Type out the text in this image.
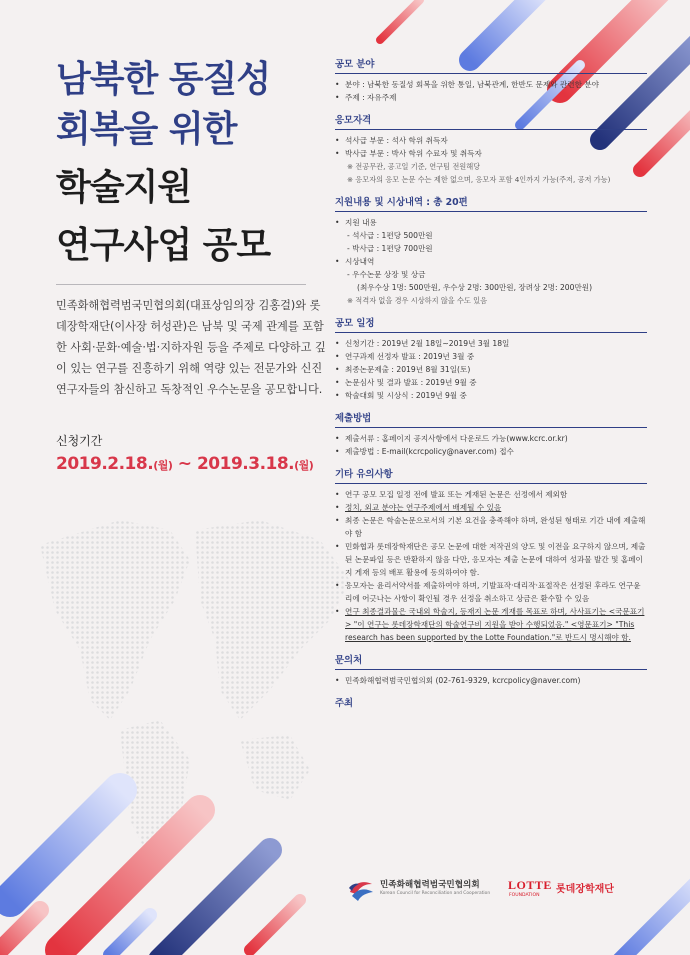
남북한 동질성
회복을 위한
학술지원
연구사업 공모
민족화해협력범국민협의회(대표상임의장 김홍걸)와 롯데장학재단(이사장 허성관)은 남북 및 국제 관계를 포함한 사회·문화·예술·법·지하자원 등을 주제로 다양하고 깊이 있는 연구를 진흥하기 위해 역량 있는 전문가와 신진연구자들의 참신하고 독창적인 우수논문을 공모합니다.
신청기간
2019.2.18.(월) ~ 2019.3.18.(월)
공모 분야
• 분야 : 남북한 동질성 회복을 위한 통일, 남북관계, 한반도 문제와 관련한 분야
• 주제 : 자유주제
응모자격
• 석사급 부문 : 석사 학위 취득자
• 박사급 부문 : 박사 학위 수료자 및 취득자
※ 전공무관, 공고일 기준, 연구팀 전원해당
※ 응모자의 응모 논문 수는 제한 없으며, 응모자 포함 4인까지 가능(주저, 공저 가능)
지원내용 및 시상내역 : 총 20편
• 지원 내용
- 석사급 : 1편당 500만원
- 박사급 : 1편당 700만원
• 시상내역
- 우수논문 상장 및 상금
(최우수상 1명: 500만원, 우수상 2명: 300만원, 장려상 2명: 200만원)
※ 적격자 없을 경우 시상하지 않을 수도 있음
공모 일정
• 신청기간 : 2019년 2월 18일~2019년 3월 18일
• 연구과제 선정자 발표 : 2019년 3월 중
• 최종논문제출 : 2019년 8월 31일(토)
• 논문심사 및 결과 발표 : 2019년 9월 중
• 학술대회 및 시상식 : 2019년 9월 중
제출방법
• 제출서류 : 홈페이지 공지사항에서 다운로드 가능(www.kcrc.or.kr)
• 제출방법 : E-mail(kcrcpolicy@naver.com) 접수
기타 유의사항
• 연구 공모 모집 일정 전에 발표 또는 게재된 논문은 선정에서 제외함
• 정치, 외교 분야는 연구주제에서 배제될 수 있음
• 최종 논문은 학술논문으로서의 기본 요건을 충족해야 하며, 완성된 형태로 기간 내에 제출해야 함
• 민화협과 롯데장학재단은 공모 논문에 대한 저작권의 양도 및 이전을 요구하지 않으며, 제출된 논문파일 등은 반환하지 않음 다만, 응모자는 제출 논문에 대하여 성과물 발간 및 홈페이지 게재 등의 배포 활용에 동의하여야 함.
• 응모자는 윤리서약서를 제출하여야 하며, 기발표작·대리작·표절작은 선정된 후라도 연구윤리에 어긋나는 사항이 확인될 경우 선정을 취소하고 상금은 환수할 수 있음
• 연구 최종결과물은 국내외 학술지, 등재지 논문 게재를 목표로 하며, 사사표기는 <국문표기> "이 연구는 롯데장학재단의 학술연구비 지원을 받아 수행되었음." <영문표기> "This research has been supported by the Lotte Foundation."로 반드시 명시해야 함.
문의처
• 민족화해협력범국민협의회 (02-761-9329, kcrcpolicy@naver.com)
주최
민족화해협력범국민협의회
Korean Council for Reconciliation and Cooperation
LOTTE
FOUNDATION
롯데장학재단
